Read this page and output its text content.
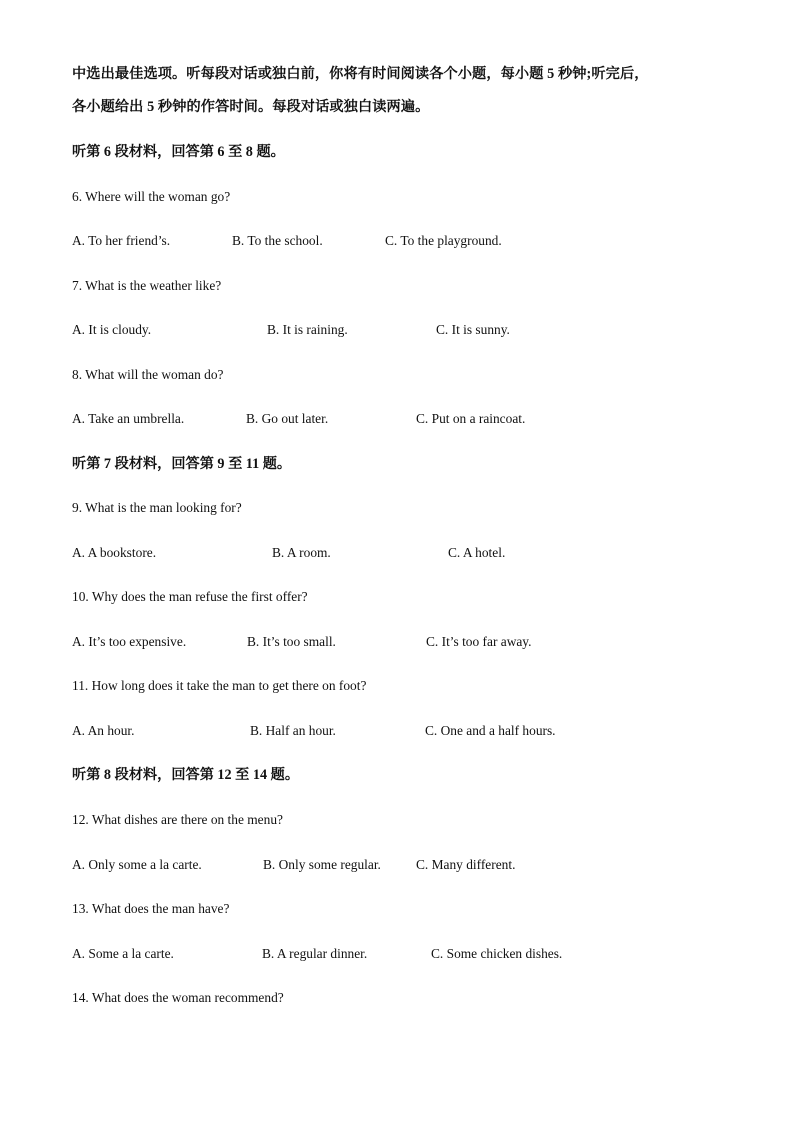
中选出最佳选项。听每段对话或独白前，你将有时间阅读各个小题，每小题 5 秒钟;听完后，
各小题给出 5 秒钟的作答时间。每段对话或独白读两遍。
听第 6 段材料，回答第 6 至 8 题。
6. Where will the woman go?
A. To her friend’s.	B. To the school.	C. To the playground.
7. What is the weather like?
A. It is cloudy.	B. It is raining.	C. It is sunny.
8. What will the woman do?
A. Take an umbrella.	B. Go out later.	C. Put on a raincoat.
听第 7 段材料，回答第 9 至 11 题。
9. What is the man looking for?
A. A bookstore.	B. A room.	C. A hotel.
10. Why does the man refuse the first offer?
A. It’s too expensive.	B. It’s too small.	C. It’s too far away.
11. How long does it take the man to get there on foot?
A. An hour.	B. Half an hour.	C. One and a half hours.
听第 8 段材料，回答第 12 至 14 题。
12. What dishes are there on the menu?
A. Only some a la carte.	B. Only some regular.	C. Many different.
13. What does the man have?
A. Some a la carte.	B. A regular dinner.	C. Some chicken dishes.
14. What does the woman recommend?
